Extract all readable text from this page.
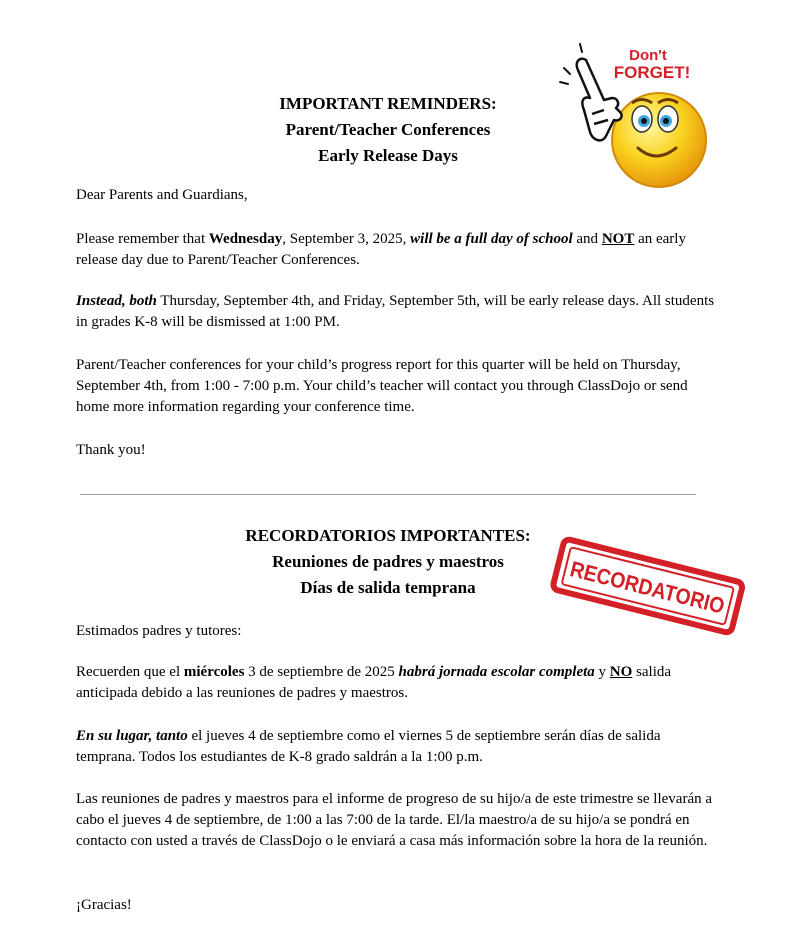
IMPORTANT REMINDERS:
Parent/Teacher Conferences
Early Release Days

Dear Parents and Guardians,

Please remember that Wednesday, September 3, 2025, will be a full day of school and NOT an early release day due to Parent/Teacher Conferences.

Instead, both Thursday, September 4th, and Friday, September 5th, will be early release days. All students in grades K-8 will be dismissed at 1:00 PM.

Parent/Teacher conferences for your child’s progress report for this quarter will be held on Thursday, September 4th, from 1:00 - 7:00 p.m. Your child’s teacher will contact you through ClassDojo or send home more information regarding your conference time.

Thank you!

RECORDATORIOS IMPORTANTES:
Reuniones de padres y maestros
Días de salida temprana

Estimados padres y tutores:

Recuerden que el miércoles 3 de septiembre de 2025 habrá jornada escolar completa y NO salida anticipada debido a las reuniones de padres y maestros.

En su lugar, tanto el jueves 4 de septiembre como el viernes 5 de septiembre serán días de salida temprana. Todos los estudiantes de K-8 grado saldrán a la 1:00 p.m.

Las reuniones de padres y maestros para el informe de progreso de su hijo/a de este trimestre se llevarán a cabo el jueves 4 de septiembre, de 1:00 a las 7:00 de la tarde. El/la maestro/a de su hijo/a se pondrá en contacto con usted a través de ClassDojo o le enviará a casa más información sobre la hora de la reunión.

¡Gracias!

Don't
FORGET!
RECORDATORIO
